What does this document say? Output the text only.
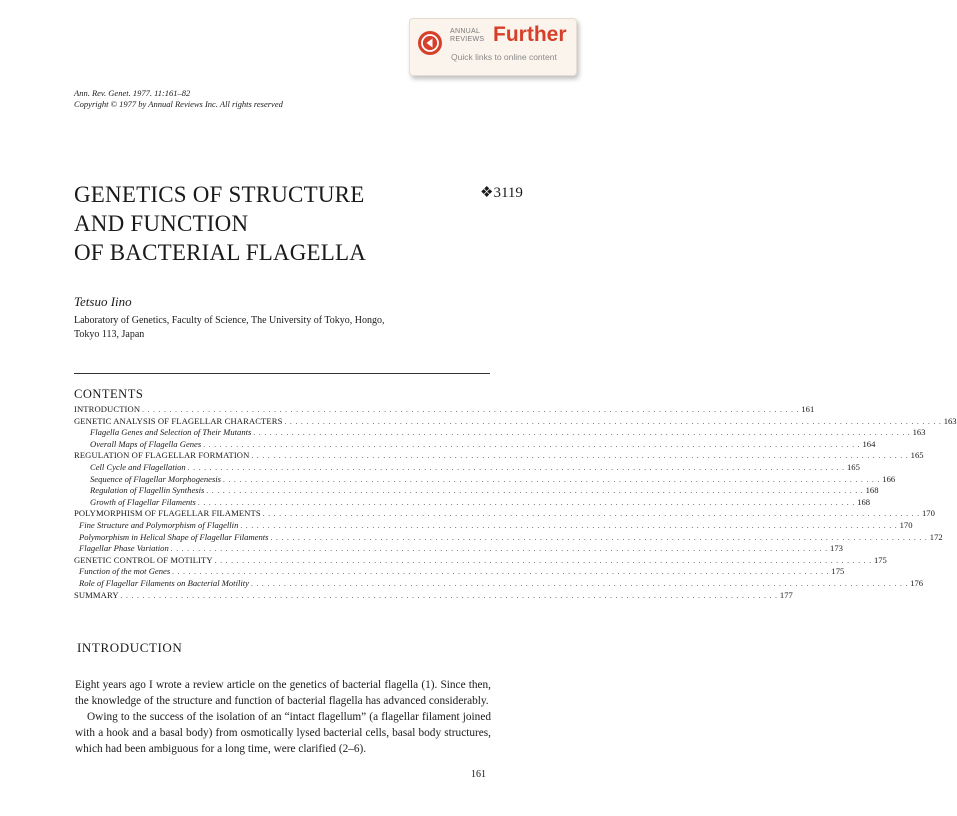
ANNUAL
REVIEWS Further
Quick links to online content
Ann. Rev. Genet. 1977. 11:161–82
Copyright © 1977 by Annual Reviews Inc. All rights reserved
GENETICS OF STRUCTURE
AND FUNCTION
OF BACTERIAL FLAGELLA
❖3119
Tetsuo Iino
Laboratory of Genetics, Faculty of Science, The University of Tokyo, Hongo,
Tokyo 113, Japan
CONTENTS
INTRODUCTION . . . . . . . . . . . . . . . . . . . . . . . . . . . . . . . . . . . . . . . . . . . . . . . . . . . . . . . . . . . . . . . . . . . . . . . . . . . . . . . . . . . . . . . . . . . . . . . . . . . . . . . . . . . . . . . . . . . . . . . . 161
GENETIC ANALYSIS OF FLAGELLAR CHARACTERS . . . . . . . . . . . . . . . . . . . . . . . . . . . . . . . . . . . . . . . . . . . . . . . . . . . . . . . . . . . . . . . . . . . . . . . . . . . . . . . . . . . . . . . . . . . . . . . . . . . . . . . . . . . . . . . . . . . . . . . . 163
Flagella Genes and Selection of Their Mutants . . . . . . . . . . . . . . . . . . . . . . . . . . . . . . . . . . . . . . . . . . . . . . . . . . . . . . . . . . . . . . . . . . . . . . . . . . . . . . . . . . . . . . . . . . . . . . . . . . . . . . . . . . . . . . . . . . . . . . . . 163
Overall Maps of Flagella Genes . . . . . . . . . . . . . . . . . . . . . . . . . . . . . . . . . . . . . . . . . . . . . . . . . . . . . . . . . . . . . . . . . . . . . . . . . . . . . . . . . . . . . . . . . . . . . . . . . . . . . . . . . . . . . . . . . . . . . . . . 164
REGULATION OF FLAGELLAR FORMATION . . . . . . . . . . . . . . . . . . . . . . . . . . . . . . . . . . . . . . . . . . . . . . . . . . . . . . . . . . . . . . . . . . . . . . . . . . . . . . . . . . . . . . . . . . . . . . . . . . . . . . . . . . . . . . . . . . . . . . . . 165
Cell Cycle and Flagellation . . . . . . . . . . . . . . . . . . . . . . . . . . . . . . . . . . . . . . . . . . . . . . . . . . . . . . . . . . . . . . . . . . . . . . . . . . . . . . . . . . . . . . . . . . . . . . . . . . . . . . . . . . . . . . . . . . . . . . . . 165
Sequence of Flagellar Morphogenesis . . . . . . . . . . . . . . . . . . . . . . . . . . . . . . . . . . . . . . . . . . . . . . . . . . . . . . . . . . . . . . . . . . . . . . . . . . . . . . . . . . . . . . . . . . . . . . . . . . . . . . . . . . . . . . . . . . . . . . . . 166
Regulation of Flagellin Synthesis . . . . . . . . . . . . . . . . . . . . . . . . . . . . . . . . . . . . . . . . . . . . . . . . . . . . . . . . . . . . . . . . . . . . . . . . . . . . . . . . . . . . . . . . . . . . . . . . . . . . . . . . . . . . . . . . . . . . . . . . 168
Growth of Flagellar Filaments . . . . . . . . . . . . . . . . . . . . . . . . . . . . . . . . . . . . . . . . . . . . . . . . . . . . . . . . . . . . . . . . . . . . . . . . . . . . . . . . . . . . . . . . . . . . . . . . . . . . . . . . . . . . . . . . . . . . . . . . 168
POLYMORPHISM OF FLAGELLAR FILAMENTS . . . . . . . . . . . . . . . . . . . . . . . . . . . . . . . . . . . . . . . . . . . . . . . . . . . . . . . . . . . . . . . . . . . . . . . . . . . . . . . . . . . . . . . . . . . . . . . . . . . . . . . . . . . . . . . . . . . . . . . . 170
Fine Structure and Polymorphism of Flagellin . . . . . . . . . . . . . . . . . . . . . . . . . . . . . . . . . . . . . . . . . . . . . . . . . . . . . . . . . . . . . . . . . . . . . . . . . . . . . . . . . . . . . . . . . . . . . . . . . . . . . . . . . . . . . . . . . . . . . . . . 170
Polymorphism in Helical Shape of Flagellar Filaments . . . . . . . . . . . . . . . . . . . . . . . . . . . . . . . . . . . . . . . . . . . . . . . . . . . . . . . . . . . . . . . . . . . . . . . . . . . . . . . . . . . . . . . . . . . . . . . . . . . . . . . . . . . . . . . . . . . . . . . . 172
Flagellar Phase Variation . . . . . . . . . . . . . . . . . . . . . . . . . . . . . . . . . . . . . . . . . . . . . . . . . . . . . . . . . . . . . . . . . . . . . . . . . . . . . . . . . . . . . . . . . . . . . . . . . . . . . . . . . . . . . . . . . . . . . . . . 173
GENETIC CONTROL OF MOTILITY . . . . . . . . . . . . . . . . . . . . . . . . . . . . . . . . . . . . . . . . . . . . . . . . . . . . . . . . . . . . . . . . . . . . . . . . . . . . . . . . . . . . . . . . . . . . . . . . . . . . . . . . . . . . . . . . . . . . . . . . 175
Function of the mot Genes . . . . . . . . . . . . . . . . . . . . . . . . . . . . . . . . . . . . . . . . . . . . . . . . . . . . . . . . . . . . . . . . . . . . . . . . . . . . . . . . . . . . . . . . . . . . . . . . . . . . . . . . . . . . . . . . . . . . . . . . 175
Role of Flagellar Filaments on Bacterial Motility . . . . . . . . . . . . . . . . . . . . . . . . . . . . . . . . . . . . . . . . . . . . . . . . . . . . . . . . . . . . . . . . . . . . . . . . . . . . . . . . . . . . . . . . . . . . . . . . . . . . . . . . . . . . . . . . . . . . . . . . 176
SUMMARY . . . . . . . . . . . . . . . . . . . . . . . . . . . . . . . . . . . . . . . . . . . . . . . . . . . . . . . . . . . . . . . . . . . . . . . . . . . . . . . . . . . . . . . . . . . . . . . . . . . . . . . . . . . . . . . . . . . . . . . . 177
INTRODUCTION

Eight years ago I wrote a review article on the genetics of bacterial flagella (1). Since then, the knowledge of the structure and function of bacterial flagella has advanced considerably.

Owing to the success of the isolation of an “intact flagellum” (a flagellar filament joined with a hook and a basal body) from osmotically lysed bacterial cells, basal body structures, which had been ambiguous for a long time, were clarified (2–6).

161
